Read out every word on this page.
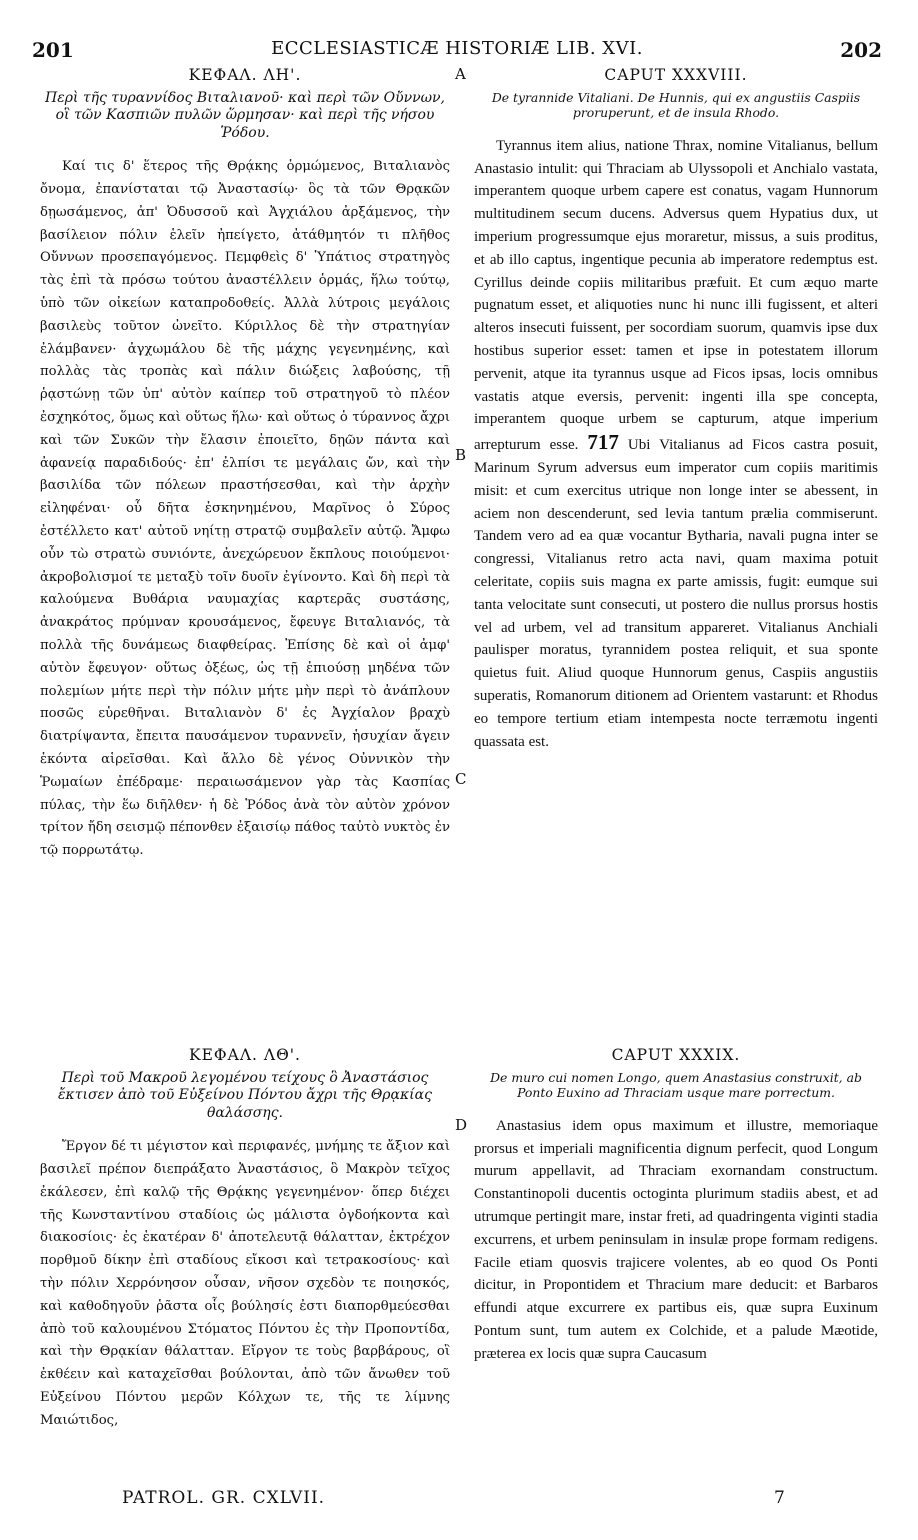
201	ECCLESIASTICÆ HISTORIÆ LIB. XVI.	202
A
B
C
D
ΚΕΦΑΛ. ΛΗ'.
Περὶ τῆς τυραννίδος Βιταλιανοῦ· καὶ περὶ τῶν Οὔννων, οἳ τῶν Κασπιῶν πυλῶν ὥρμησαν· καὶ περὶ τῆς νήσου Ῥόδου.

Καί τις δ' ἕτερος τῆς Θρᾴκης ὁρμώμενος, Βιταλιανὸς ὄνομα, ἐπανίσταται τῷ Ἀναστασίῳ· ὃς τὰ τῶν Θρᾳκῶν δῃωσάμενος, ἀπ' Ὀδυσσοῦ καὶ Ἀγχιάλου ἀρξάμενος, τὴν βασίλειον πόλιν ἑλεῖν ἠπείγετο, ἀτάθμητόν τι πλῆθος Οὔννων προσεπαγόμενος. Πεμφθεὶς δ' Ὑπάτιος στρατηγὸς τὰς ἐπὶ τὰ πρόσω τούτου ἀναστέλλειν ὁρμάς, ἥλω τούτῳ, ὑπὸ τῶν οἰκείων καταπροδοθείς. Ἀλλὰ λύτροις μεγάλοις βασιλεὺς τοῦτον ὠνεῖτο. Κύριλλος δὲ τὴν στρατηγίαν ἐλάμβανεν· ἀγχωμάλου δὲ τῆς μάχης γεγενημένης, καὶ πολλὰς τὰς τροπὰς καὶ πάλιν διώξεις λαβούσης, τῇ ῥᾳστώνῃ τῶν ὑπ' αὐτὸν καίπερ τοῦ στρατηγοῦ τὸ πλέον ἐσχηκότος, ὅμως καὶ οὕτως ἥλω· καὶ οὕτως ὁ τύραννος ἄχρι καὶ τῶν Συκῶν τὴν ἔλασιν ἐποιεῖτο, δῃῶν πάντα καὶ ἀφανείᾳ παραδιδούς· ἐπ' ἐλπίσι τε μεγάλαις ὤν, καὶ τὴν βασιλίδα τῶν πόλεων πραστήσεσθαι, καὶ τὴν ἀρχὴν εἰληφέναι· οὗ δῆτα ἐσκηνημένου, Μαρῖνος ὁ Σύρος ἐστέλλετο κατ' αὐτοῦ νηίτῃ στρατῷ συμβαλεῖν αὐτῷ. Ἄμφω οὖν τὼ στρατὼ συνιόντε, ἀνεχώρευον ἔκπλους ποιούμενοι· ἀκροβολισμοί τε μεταξὺ τοῖν δυοῖν ἐγίνοντο. Καὶ δὴ περὶ τὰ καλούμενα Βυθάρια ναυμαχίας καρτερᾶς συστάσης, ἀνακράτος πρύμναν κρουσάμενος, ἔφευγε Βιταλιανός, τὰ πολλὰ τῆς δυνάμεως διαφθείρας. Ἐπίσης δὲ καὶ οἱ ἀμφ' αὐτὸν ἔφευγον· οὕτως ὀξέως, ὡς τῇ ἐπιούσῃ μηδένα τῶν πολεμίων μήτε περὶ τὴν πόλιν μήτε μὴν περὶ τὸ ἀνάπλουν ποσῶς εὑρεθῆναι. Βιταλιανὸν δ' ἐς Ἀγχίαλον βραχὺ διατρίψαντα, ἔπειτα παυσάμενον τυραννεῖν, ἡσυχίαν ἄγειν ἑκόντα αἱρεῖσθαι. Καὶ ἄλλο δὲ γένος Οὐννικὸν τὴν Ῥωμαίων ἐπέδραμε· περαιωσάμενον γὰρ τὰς Κασπίας πύλας, τὴν ἕω διῆλθεν· ἡ δὲ Ῥόδος ἀνὰ τὸν αὐτὸν χρόνον τρίτον ἤδη σεισμῷ πέπονθεν ἐξαισίῳ πάθος ταὐτὸ νυκτὸς ἐν τῷ πορρωτάτῳ.

CAPUT XXXVIII.
De tyrannide Vitaliani. De Hunnis, qui ex angustiis Caspiis proruperunt, et de insula Rhodo.

Tyrannus item alius, natione Thrax, nomine Vitalianus, bellum Anastasio intulit: qui Thraciam ab Ulyssopoli et Anchialo vastata, imperantem quoque urbem capere est conatus, vagam Hunnorum multitudinem secum ducens. Adversus quem Hypatius dux, ut imperium progressumque ejus moraretur, missus, a suis proditus, et ab illo captus, ingentique pecunia ab imperatore redemptus est. Cyrillus deinde copiis militaribus præfuit. Et cum æquo marte pugnatum esset, et aliquoties nunc hi nunc illi fugissent, et alteri alteros insecuti fuissent, per socordiam suorum, quamvis ipse dux hostibus superior esset: tamen et ipse in potestatem illorum pervenit, atque ita tyrannus usque ad Ficos ipsas, locis omnibus vastatis atque eversis, pervenit: ingenti illa spe concepta, imperantem quoque urbem se capturum, atque imperium arrepturum esse. 717 Ubi Vitalianus ad Ficos castra posuit, Marinum Syrum adversus eum imperator cum copiis maritimis misit: et cum exercitus utrique non longe inter se abessent, in aciem non descenderunt, sed levia tantum prælia commiserunt. Tandem vero ad ea quæ vocantur Bytharia, navali pugna inter se congressi, Vitalianus retro acta navi, quam maxima potuit celeritate, copiis suis magna ex parte amissis, fugit: eumque sui tanta velocitate sunt consecuti, ut postero die nullus prorsus hostis vel ad urbem, vel ad transitum appareret. Vitalianus Anchiali paulisper moratus, tyrannidem postea reliquit, et sua sponte quietus fuit. Aliud quoque Hunnorum genus, Caspiis angustiis superatis, Romanorum ditionem ad Orientem vastarunt: et Rhodus eo tempore tertium etiam intempesta nocte terræmotu ingenti quassata est.

ΚΕΦΑΛ. ΛΘ'.
Περὶ τοῦ Μακροῦ λεγομένου τείχους ὃ Ἀναστάσιος ἔκτισεν ἀπὸ τοῦ Εὐξείνου Πόντου ἄχρι τῆς Θρᾳκίας θαλάσσης.

Ἔργον δέ τι μέγιστον καὶ περιφανές, μνήμης τε ἄξιον καὶ βασιλεῖ πρέπον διεπράξατο Ἀναστάσιος, ὃ Μακρὸν τεῖχος ἐκάλεσεν, ἐπὶ καλῷ τῆς Θρᾴκης γεγενημένον· ὅπερ διέχει τῆς Κωνσταντίνου σταδίοις ὡς μάλιστα ὀγδοήκοντα καὶ διακοσίοις· ἐς ἑκατέραν δ' ἀποτελευτᾷ θάλατταν, ἐκτρέχον πορθμοῦ δίκην ἐπὶ σταδίους εἴκοσι καὶ τετρακοσίους· καὶ τὴν πόλιν Χερρόνησον οὖσαν, νῆσον σχεδὸν τε ποιησκός, καὶ καθοδηγοῦν ῥᾶστα οἷς βούλησίς ἐστι διαπορθμεύεσθαι ἀπὸ τοῦ καλουμένου Στόματος Πόντου ἐς τὴν Προποντίδα, καὶ τὴν Θρᾳκίαν θάλατταν. Εἴργον τε τοὺς βαρβάρους, οἳ ἐκθέειν καὶ καταχεῖσθαι βούλονται, ἀπὸ τῶν ἄνωθεν τοῦ Εὐξείνου Πόντου μερῶν Κόλχων τε, τῆς τε λίμνης Μαιώτιδος,

CAPUT XXXIX.
De muro cui nomen Longo, quem Anastasius construxit, ab Ponto Euxino ad Thraciam usque mare porrectum.

Anastasius idem opus maximum et illustre, memoriaque prorsus et imperiali magnificentia dignum perfecit, quod Longum murum appellavit, ad Thraciam exornandam constructum. Constantinopoli ducentis octoginta plurimum stadiis abest, et ad utrumque pertingit mare, instar freti, ad quadringenta viginti stadia excurrens, et urbem peninsulam in insulæ prope formam redigens. Facile etiam quosvis trajicere volentes, ab eo quod Os Ponti dicitur, in Propontidem et Thracium mare deducit: et Barbaros effundi atque excurrere ex partibus eis, quæ supra Euxinum Pontum sunt, tum autem ex Colchide, et a palude Mæotide, præterea ex locis quæ supra Caucasum

PATROL. GR. CXLVII.	7
